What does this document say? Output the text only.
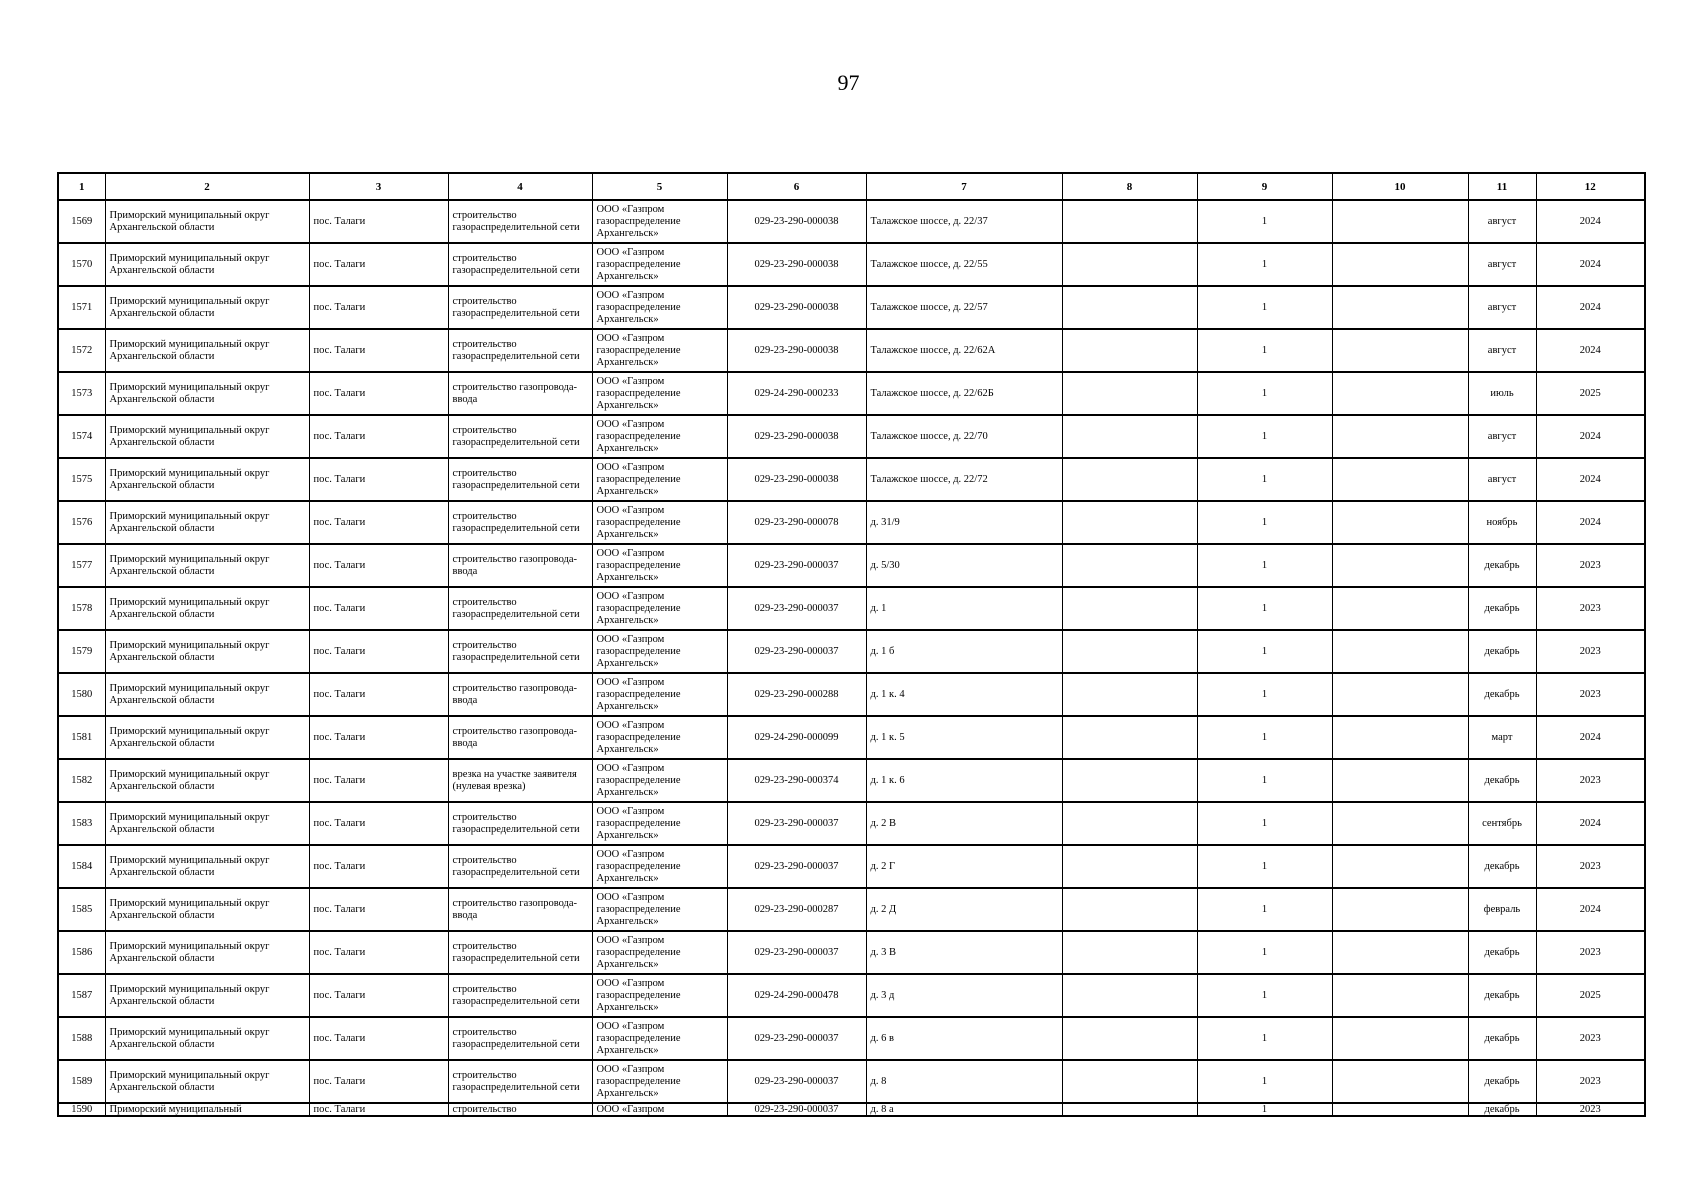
97
1	2	3	4	5	6	7	8	9	10	11	12
1569	Приморский муниципальный округ Архангельской области	пос. Талаги	строительство газораспределительной сети	ООО «Газпром газораспределение Архангельск»	029-23-290-000038	Талажское шоссе, д. 22/37		1		август	2024
1570	Приморский муниципальный округ Архангельской области	пос. Талаги	строительство газораспределительной сети	ООО «Газпром газораспределение Архангельск»	029-23-290-000038	Талажское шоссе, д. 22/55		1		август	2024
1571	Приморский муниципальный округ Архангельской области	пос. Талаги	строительство газораспределительной сети	ООО «Газпром газораспределение Архангельск»	029-23-290-000038	Талажское шоссе, д. 22/57		1		август	2024
1572	Приморский муниципальный округ Архангельской области	пос. Талаги	строительство газораспределительной сети	ООО «Газпром газораспределение Архангельск»	029-23-290-000038	Талажское шоссе, д. 22/62А		1		август	2024
1573	Приморский муниципальный округ Архангельской области	пос. Талаги	строительство газопровода-ввода	ООО «Газпром газораспределение Архангельск»	029-24-290-000233	Талажское шоссе, д. 22/62Б		1		июль	2025
1574	Приморский муниципальный округ Архангельской области	пос. Талаги	строительство газораспределительной сети	ООО «Газпром газораспределение Архангельск»	029-23-290-000038	Талажское шоссе, д. 22/70		1		август	2024
1575	Приморский муниципальный округ Архангельской области	пос. Талаги	строительство газораспределительной сети	ООО «Газпром газораспределение Архангельск»	029-23-290-000038	Талажское шоссе, д. 22/72		1		август	2024
1576	Приморский муниципальный округ Архангельской области	пос. Талаги	строительство газораспределительной сети	ООО «Газпром газораспределение Архангельск»	029-23-290-000078	д. 31/9		1		ноябрь	2024
1577	Приморский муниципальный округ Архангельской области	пос. Талаги	строительство газопровода-ввода	ООО «Газпром газораспределение Архангельск»	029-23-290-000037	д. 5/30		1		декабрь	2023
1578	Приморский муниципальный округ Архангельской области	пос. Талаги	строительство газораспределительной сети	ООО «Газпром газораспределение Архангельск»	029-23-290-000037	д. 1		1		декабрь	2023
1579	Приморский муниципальный округ Архангельской области	пос. Талаги	строительство газораспределительной сети	ООО «Газпром газораспределение Архангельск»	029-23-290-000037	д. 1 б		1		декабрь	2023
1580	Приморский муниципальный округ Архангельской области	пос. Талаги	строительство газопровода-ввода	ООО «Газпром газораспределение Архангельск»	029-23-290-000288	д. 1 к. 4		1		декабрь	2023
1581	Приморский муниципальный округ Архангельской области	пос. Талаги	строительство газопровода-ввода	ООО «Газпром газораспределение Архангельск»	029-24-290-000099	д. 1 к. 5		1		март	2024
1582	Приморский муниципальный округ Архангельской области	пос. Талаги	врезка на участке заявителя (нулевая врезка)	ООО «Газпром газораспределение Архангельск»	029-23-290-000374	д. 1 к. 6		1		декабрь	2023
1583	Приморский муниципальный округ Архангельской области	пос. Талаги	строительство газораспределительной сети	ООО «Газпром газораспределение Архангельск»	029-23-290-000037	д. 2 В		1		сентябрь	2024
1584	Приморский муниципальный округ Архангельской области	пос. Талаги	строительство газораспределительной сети	ООО «Газпром газораспределение Архангельск»	029-23-290-000037	д. 2 Г		1		декабрь	2023
1585	Приморский муниципальный округ Архангельской области	пос. Талаги	строительство газопровода-ввода	ООО «Газпром газораспределение Архангельск»	029-23-290-000287	д. 2 Д		1		февраль	2024
1586	Приморский муниципальный округ Архангельской области	пос. Талаги	строительство газораспределительной сети	ООО «Газпром газораспределение Архангельск»	029-23-290-000037	д. 3 В		1		декабрь	2023
1587	Приморский муниципальный округ Архангельской области	пос. Талаги	строительство газораспределительной сети	ООО «Газпром газораспределение Архангельск»	029-24-290-000478	д. 3 д		1		декабрь	2025
1588	Приморский муниципальный округ Архангельской области	пос. Талаги	строительство газораспределительной сети	ООО «Газпром газораспределение Архангельск»	029-23-290-000037	д. 6 в		1		декабрь	2023
1589	Приморский муниципальный округ Архангельской области	пос. Талаги	строительство газораспределительной сети	ООО «Газпром газораспределение Архангельск»	029-23-290-000037	д. 8		1		декабрь	2023
1590	Приморский муниципальный	пос. Талаги	строительство	ООО «Газпром	029-23-290-000037	д. 8 а		1		декабрь	2023
